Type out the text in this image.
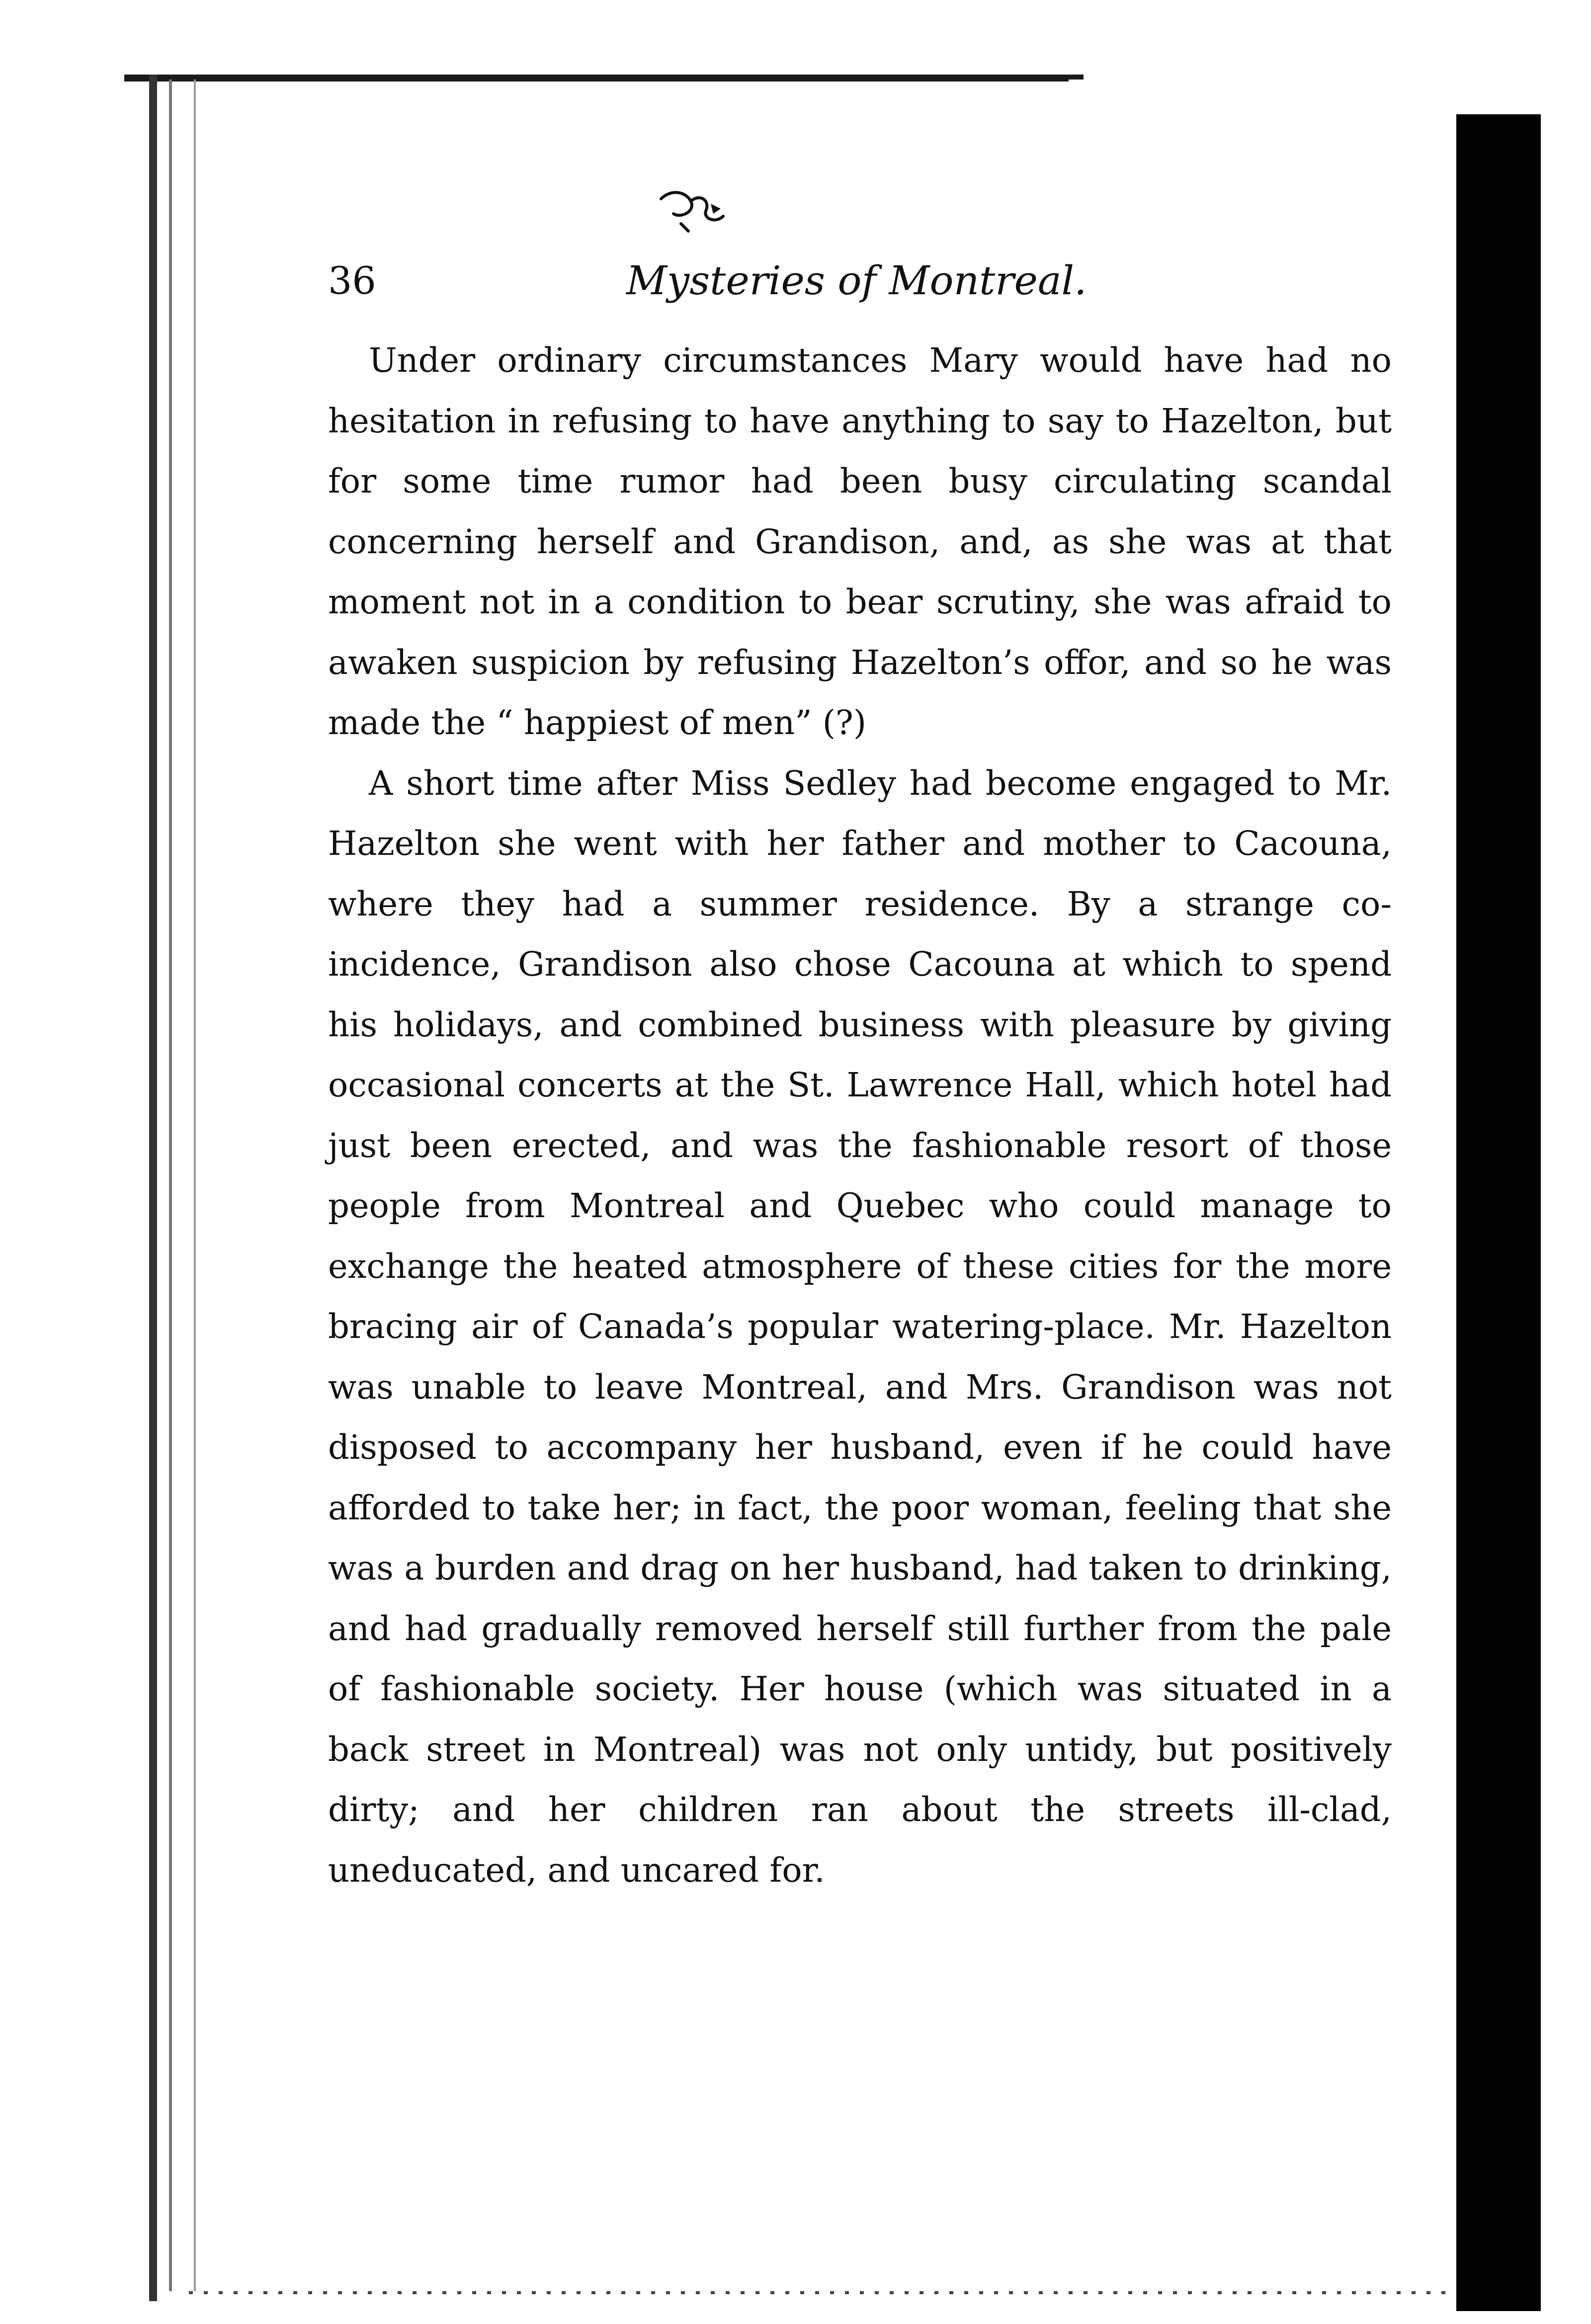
36	Mysteries of Montreal.

Under ordinary circumstances Mary would have had no hesitation in refusing to have anything to say to Hazelton, but for some time rumor had been busy circulating scandal concerning herself and Grandison, and, as she was at that moment not in a condition to bear scrutiny, she was afraid to awaken suspicion by refusing Hazelton’s offor, and so he was made the “ happiest of men” (?)

A short time after Miss Sedley had become engaged to Mr. Hazelton she went with her father and mother to Cacouna, where they had a summer residence. By a strange co-incidence, Grandison also chose Cacouna at which to spend his holidays, and combined business with pleasure by giving occasional concerts at the St. Lawrence Hall, which hotel had just been erected, and was the fashionable resort of those people from Montreal and Quebec who could manage to exchange the heated atmosphere of these cities for the more bracing air of Canada’s popular watering-place. Mr. Hazelton was unable to leave Montreal, and Mrs. Grandison was not disposed to accompany her husband, even if he could have afforded to take her; in fact, the poor woman, feeling that she was a burden and drag on her husband, had taken to drinking, and had gradually removed herself still further from the pale of fashionable society. Her house (which was situated in a back street in Montreal) was not only untidy, but positively dirty; and her children ran about the streets ill-clad, uneducated, and uncared for.
